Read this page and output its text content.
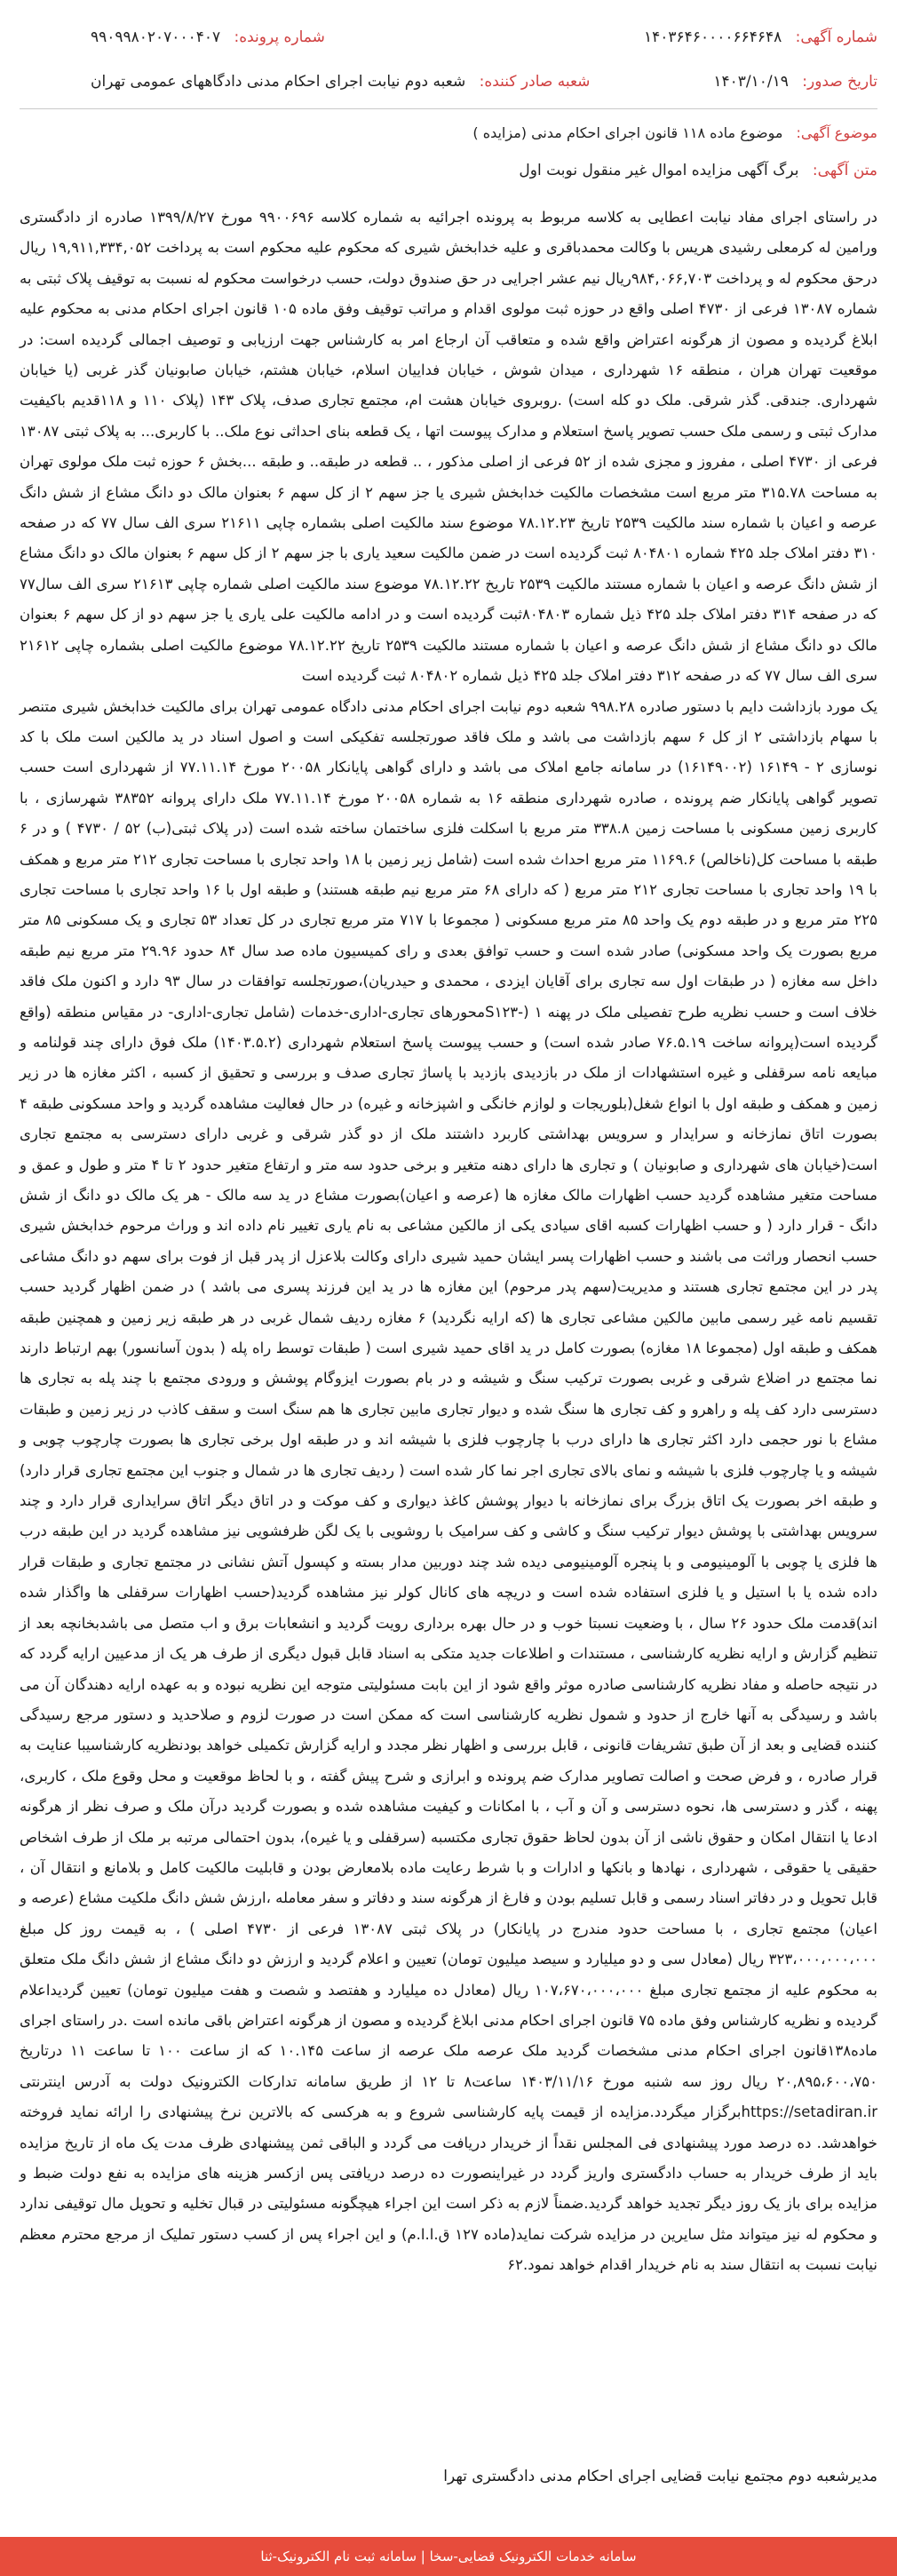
شماره آگهی: ۱۴۰۳۶۴۶۰۰۰۰۶۶۴۶۴۸
شماره پرونده: ۹۹۰۹۹۸۰۲۰۷۰۰۰۴۰۷
تاریخ صدور: ۱۴۰۳/۱۰/۱۹
شعبه صادر کننده: شعبه دوم نیابت اجرای احکام مدنی دادگاههای عمومی تهران
موضوع آگهی: موضوع ماده ۱۱۸ قانون اجرای احکام مدنی (مزایده )
متن آگهی: برگ آگهی مزایده اموال غیر منقول نوبت اول

در راستای اجرای مفاد نیابت اعطایی به کلاسه مربوط به پرونده اجرائیه به شماره کلاسه ۹۹۰۰۶۹۶ مورخ ۱۳۹۹/۸/۲۷ صادره از دادگستری ورامین له کرمعلی رشیدی هریس با وکالت محمدباقری و علیه خدابخش شیری که محکوم علیه محکوم است به پرداخت ۱۹,۹۱۱,۳۳۴,۰۵۲ ریال درحق محکوم له و پرداخت ۹۸۴,۰۶۶,۷۰۳ریال نیم عشر اجرایی در حق صندوق دولت، حسب درخواست محکوم له نسبت به توقیف پلاک ثبتی به شماره ۱۳۰۸۷ فرعی از ۴۷۳۰ اصلی واقع در حوزه ثبت مولوی اقدام و مراتب توقیف وفق ماده ۱۰۵ قانون اجرای احکام مدنی به محکوم علیه ابلاغ گردیده و مصون از هرگونه اعتراض واقع شده و متعاقب آن ارجاع امر به کارشناس جهت ارزیابی و توصیف اجمالی گردیده است: در موقعیت تهران هران ، منطقه ۱۶ شهرداری ، میدان شوش ، خیابان فداییان اسلام، خیابان هشتم، خیابان صابونیان گذر غربی (یا خیابان شهرداری. جندقی. گذر شرقی. ملک دو کله است) .روبروی خیابان هشت ام، مجتمع تجاری صدف، پلاک ۱۴۳ (پلاک ۱۱۰ و ۱۱۸قدیم باکیفیت مدارک ثبتی و رسمی ملک حسب تصویر پاسخ استعلام و مدارک پیوست اتها ، یک قطعه بنای احداثی نوع ملک.. با کاربری... به پلاک ثبتی ۱۳۰۸۷ فرعی از ۴۷۳۰ اصلی ، مفروز و مجزی شده از ۵۲ فرعی از اصلی مذکور ، .. قطعه در طبقه.. و طبقه ...بخش ۶ حوزه ثبت ملک مولوی تهران به مساحت ۳۱۵.۷۸ متر مربع است مشخصات مالکیت خدابخش شیری یا جز سهم ۲ از کل سهم ۶ بعنوان مالک دو دانگ مشاع از شش دانگ عرصه و اعیان با شماره سند مالکیت ۲۵۳۹ تاریخ ۷۸.۱۲.۲۳ موضوع سند مالکیت اصلی بشماره چاپی ۲۱۶۱۱ سری الف سال ۷۷ که در صفحه ۳۱۰ دفتر املاک جلد ۴۲۵ شماره ۸۰۴۸۰۱ ثبت گردیده است در ضمن مالکیت سعید یاری با جز سهم ۲ از کل سهم ۶ بعنوان مالک دو دانگ مشاع از شش دانگ عرصه و اعیان با شماره مستند مالکیت ۲۵۳۹ تاریخ ۷۸.۱۲.۲۲ موضوع سند مالکیت اصلی شماره چاپی ۲۱۶۱۳ سری الف سال۷۷ که در صفحه ۳۱۴ دفتر املاک جلد ۴۲۵ ذیل شماره ۸۰۴۸۰۳ثبت گردیده است و در ادامه مالکیت علی یاری یا جز سهم دو از کل سهم ۶ بعنوان مالک دو دانگ مشاع از شش دانگ عرصه و اعیان با شماره مستند مالکیت ۲۵۳۹ تاریخ ۷۸.۱۲.۲۲ موضوع مالکیت اصلی بشماره چاپی ۲۱۶۱۲ سری الف سال ۷۷ که در صفحه ۳۱۲ دفتر املاک جلد ۴۲۵ ذیل شماره ۸۰۴۸۰۲ ثبت گردیده است

یک مورد بازداشت دایم با دستور صادره ۹۹۸.۲۸ شعبه دوم نیابت اجرای احکام مدنی دادگاه عمومی تهران برای مالکیت خدابخش شیری متنصر با سهام بازداشتی ۲ از کل ۶ سهم بازداشت می باشد و ملک فاقد صورتجلسه تفکیکی است و اصول اسناد در ید مالکین است ملک با کد نوسازی ۲ - ۱۶۱۴۹ (۱۶۱۴۹۰۰۲) در سامانه جامع املاک می باشد و دارای گواهی پایانکار ۲۰۰۵۸ مورخ ۷۷.۱۱.۱۴ از شهرداری است حسب تصویر گواهی پایانکار ضم پرونده ، صادره شهرداری منطقه ۱۶ به شماره ۲۰۰۵۸ مورخ ۷۷.۱۱.۱۴ ملک دارای پروانه ۳۸۳۵۲ شهرسازی ، با کاربری زمین مسکونی با مساحت زمین ۳۳۸.۸ متر مربع با اسکلت فلزی ساختمان ساخته شده است (در پلاک ثبتی(ب) ۵۲ / ۴۷۳۰ ) و در ۶ طبقه با مساحت کل(ناخالص) ۱۱۶۹.۶ متر مربع احداث شده است (شامل زیر زمین با ۱۸ واحد تجاری با مساحت تجاری ۲۱۲ متر مربع و همکف با ۱۹ واحد تجاری با مساحت تجاری ۲۱۲ متر مربع ( که دارای ۶۸ متر مربع نیم طبقه هستند) و طبقه اول با ۱۶ واحد تجاری با مساحت تجاری ۲۲۵ متر مربع و در طبقه دوم یک واحد ۸۵ متر مربع مسکونی ( مجموعا با ۷۱۷ متر مربع تجاری در کل تعداد ۵۳ تجاری و یک مسکونی ۸۵ متر مربع بصورت یک واحد مسکونی) صادر شده است و حسب توافق بعدی و رای کمیسیون ماده صد سال ۸۴ حدود ۲۹.۹۶ متر مربع نیم طبقه داخل سه مغازه ( در طبقات اول سه تجاری برای آقایان ایزدی ، محمدی و حیدریان)،صورتجلسه توافقات در سال ۹۳ دارد و اکنون ملک فاقد خلاف است و حسب نظریه طرح تفصیلی ملک در پهنه ۱ (-S۱۲۳محورهای تجاری-اداری-خدمات (شامل تجاری-اداری- در مقیاس منطقه (واقع گردیده است(پروانه ساخت ۷۶.۵.۱۹ صادر شده است) و حسب پیوست پاسخ استعلام شهرداری (۱۴۰۳.۵.۲) ملک فوق دارای چند قولنامه و مبایعه نامه سرقفلی و غیره استشهادات از ملک در بازدیدی بازدید با پاساژ تجاری صدف و بررسی و تحقیق از کسبه ، اکثر مغازه ها در زیر زمین و همکف و طبقه اول با انواع شغل(بلوریجات و لوازم خانگی و اشپزخانه و غیره) در حال فعالیت مشاهده گردید و واحد مسکونی طبقه ۴ بصورت اتاق نمازخانه و سرایدار و سرویس بهداشتی کاربرد داشتند ملک از دو گذر شرقی و غربی دارای دسترسی به مجتمع تجاری است(خیابان های شهرداری و صابونیان ) و تجاری ها دارای دهنه متغیر و برخی حدود سه متر و ارتفاع متغیر حدود ۲ تا ۴ متر و طول و عمق و مساحت متغیر مشاهده گردید حسب اظهارات مالک مغازه ها (عرصه و اعیان)بصورت مشاع در ید سه مالک - هر یک مالک دو دانگ از شش دانگ - قرار دارد ( و حسب اظهارات کسبه اقای سیادی یکی از مالکین مشاعی به نام یاری تغییر نام داده اند و وراث مرحوم خدابخش شیری حسب انحصار وراثت می باشند و حسب اظهارات پسر ایشان حمید شیری دارای وکالت بلاعزل از پدر قبل از فوت برای سهم دو دانگ مشاعی پدر در این مجتمع تجاری هستند و مدیریت(سهم پدر مرحوم) این مغازه ها در ید این فرزند پسری می باشد ) در ضمن اظهار گردید حسب تقسیم نامه غیر رسمی مابین مالکین مشاعی تجاری ها (که ارایه نگردید) ۶ مغازه ردیف شمال غربی در هر طبقه زیر زمین و همچنین طبقه همکف و طبقه اول (مجموعا ۱۸ مغازه) بصورت کامل در ید اقای حمید شیری است ( طبقات توسط راه پله ( بدون آسانسور) بهم ارتباط دارند نما مجتمع در اضلاع شرقی و غربی بصورت ترکیب سنگ و شیشه و در بام بصورت ایزوگام پوشش و ورودی مجتمع با چند پله به تجاری ها دسترسی دارد کف پله و راهرو و کف تجاری ها سنگ شده و دیوار تجاری مابین تجاری ها هم سنگ است و سقف کاذب در زیر زمین و طبقات مشاع با نور حجمی دارد اکثر تجاری ها دارای درب با چارچوب فلزی با شیشه اند و در طبقه اول برخی تجاری ها بصورت چارچوب چوبی و شیشه و یا چارچوب فلزی با شیشه و نمای بالای تجاری اجر نما کار شده است ( ردیف تجاری ها در شمال و جنوب این مجتمع تجاری قرار دارد) و طبقه اخر بصورت یک اتاق بزرگ برای نمازخانه با دیوار پوشش کاغذ دیواری و کف موکت و در اتاق دیگر اتاق سرایداری قرار دارد و چند سرویس بهداشتی با پوشش دیوار ترکیب سنگ و کاشی و کف سرامیک با روشویی با یک لگن ظرفشویی نیز مشاهده گردید در این طبقه درب ها فلزی یا چوبی با آلومینیومی و با پنجره آلومینیومی دیده شد چند دوربین مدار بسته و کپسول آتش نشانی در مجتمع تجاری و طبقات قرار داده شده یا با استیل و یا فلزی استفاده شده است و دریچه های کانال کولر نیز مشاهده گردید(حسب اظهارات سرقفلی ها واگذار شده اند)قدمت ملک حدود ۲۶ سال ، با وضعیت نسبتا خوب و در حال بهره برداری رویت گردید و انشعابات برق و اب متصل می باشدبخانچه بعد از تنظیم گزارش و ارایه نظریه کارشناسی ، مستندات و اطلاعات جدید متکی به اسناد قابل قبول دیگری از طرف هر یک از مدعیین ارایه گردد که در نتیجه حاصله و مفاد نظریه کارشناسی صادره موثر واقع شود از این بابت مسئولیتی متوجه این نظریه نبوده و به عهده ارایه دهندگان آن می باشد و رسیدگی به آنها خارج از حدود و شمول نظریه کارشناسی است که ممکن است در صورت لزوم و صلاحدید و دستور مرجع رسیدگی کننده قضایی و بعد از آن طبق تشریفات قانونی ، قابل بررسی و اظهار نظر مجدد و ارایه گزارش تکمیلی خواهد بودنظریه کارشناسیبا عنایت به قرار صادره ، و فرض صحت و اصالت تصاویر مدارک ضم پرونده و ابرازی و شرح پیش گفته ، و با لحاظ موقعیت و محل وقوع ملک ، کاربری، پهنه ، گذر و دسترسی ها، نحوه دسترسی و آن و آب ، با امکانات و کیفیت مشاهده شده و بصورت گردید درآن ملک و صرف نظر از هرگونه ادعا یا انتقال امکان و حقوق ناشی از آن بدون لحاظ حقوق تجاری مکتسبه (سرقفلی و یا غیره)، بدون احتمالی مرتبه بر ملک از طرف اشخاص حقیقی یا حقوقی ، شهرداری ، نهادها و بانکها و ادارات و با شرط رعایت ماده بلامعارض بودن و قابلیت مالکیت کامل و بلامانع و انتقال آن ، قابل تحویل و در دفاتر اسناد رسمی و قابل تسلیم بودن و فارغ از هرگونه سند و دفاتر و سفر معامله ،ارزش شش دانگ ملکیت مشاع (عرصه و اعیان) مجتمع تجاری ، با مساحت حدود مندرج در پایانکار) در پلاک ثبتی ۱۳۰۸۷ فرعی از ۴۷۳۰ اصلی ) ، به قیمت روز کل مبلغ ۳۲۳،۰۰۰،۰۰۰،۰۰۰ ریال (معادل سی و دو میلیارد و سیصد میلیون تومان) تعیین و اعلام گردید و ارزش دو دانگ مشاع از شش دانگ ملک متعلق به محکوم علیه از مجتمع تجاری مبلغ ۱۰۷،۶۷۰،۰۰۰،۰۰۰ ریال (معادل ده میلیارد و هفتصد و شصت و هفت میلیون تومان) تعیین گردیداعلام گردیده و نظریه کارشناس وفق ماده ۷۵ قانون اجرای احکام مدنی ابلاغ گردیده و مصون از هرگونه اعتراض باقی مانده است .در راستای اجرای ماده۱۳۸قانون اجرای احکام مدنی مشخصات گردید ملک عرصه ملک عرصه از ساعت ۱۰.۱۴۵ که از ساعت ۱۰۰ تا ساعت ۱۱ درتاریخ ۲۰,۸۹۵،۶۰۰،۷۵۰ ریال روز سه شنبه مورخ ۱۴۰۳/۱۱/۱۶ ساعت۸ تا ۱۲ از طریق سامانه تدارکات الکترونیک دولت به آدرس اینترنتی https://setadiran.irبرگزار میگردد.مزایده از قیمت پایه کارشناسی شروع و به هرکسی که بالاترین نرخ پیشنهادی را ارائه نماید فروخته خواهدشد. ده درصد مورد پیشنهادی فی المجلس نقداً از خریدار دریافت می گردد و الباقی ثمن پیشنهادی ظرف مدت یک ماه از تاریخ مزایده باید از طرف خریدار به حساب دادگستری واریز گردد در غیراینصورت ده درصد دریافتی پس ازکسر هزینه های مزایده به نفع دولت ضبط و مزایده برای باز یک روز دیگر تجدید خواهد گردید.ضمناً لازم به ذکر است این اجراء هیچگونه مسئولیتی در قبال تخلیه و تحویل مال توقیفی ندارد و محکوم له نیز میتواند مثل سایرین در مزایده شرکت نماید(ماده ۱۲۷ ق.ا.ا.م) و این اجراء پس از کسب دستور تملیک از مرجع محترم معظم نیابت نسبت به انتقال سند به نام خریدار اقدام خواهد نمود.۶۲

مدیرشعبه دوم مجتمع نیابت قضایی اجرای احکام مدنی دادگستری تهرا
سامانه خدمات الکترونیک قضایی-سخا | سامانه ثبت نام الکترونیک-ثنا
